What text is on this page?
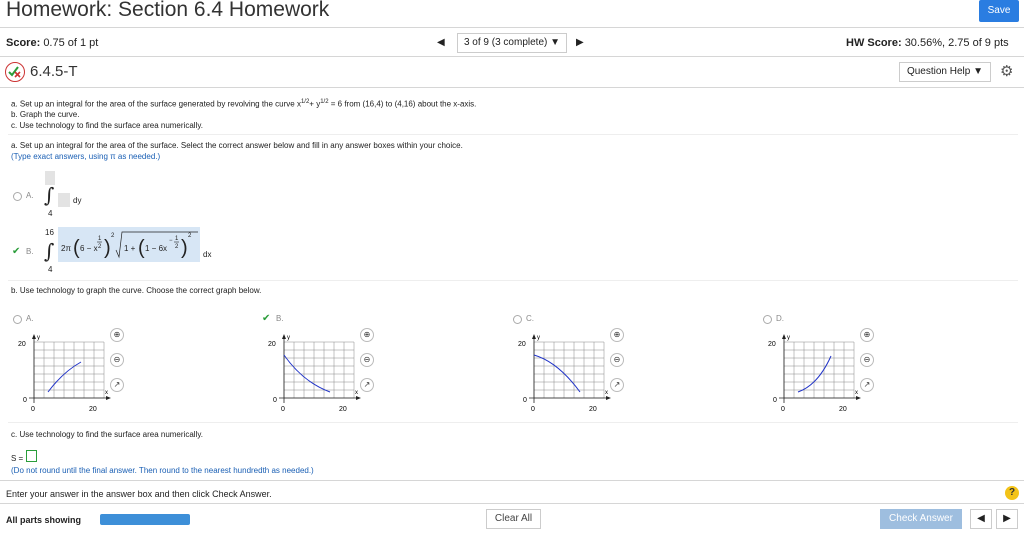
Homework: Section 6.4 Homework	Save
Score: 0.75 of 1 pt	◀	3 of 9 (3 complete) ▼	▶	HW Score: 30.56%, 2.75 of 9 pts
6.4.5-T	Question Help ▼	⚙
a. Set up an integral for the area of the surface generated by revolving the curve $x^{1/2}+ y^{1/2} = 6$ from (16,4) to (4,16) about the x-axis.
b. Graph the curve.
c. Use technology to find the surface area numerically.
a. Set up an integral for the area of the surface. Select the correct answer below and fill in any answer boxes within your choice.
(Type exact answers, using π as needed.)
A. ∫ dy
4
✔ B.
16
∫
4
2π ( 6 − x
1
2 )
2
1 + ( 1 − 6x
− 1
2 )
2
dx
b. Use technology to graph the curve. Choose the correct graph below.
A.
y
x
20
0
0	20
⊕
⊖
↗
✔ B.
y
x
20
0
0	20
⊕
⊖
↗
C.
y
x
20
0
0	20
⊕
⊖
↗
D.
y
x
20
0
0	20
⊕
⊖
↗
c. Use technology to find the surface area numerically.
S =
(Do not round until the final answer. Then round to the nearest hundredth as needed.)
Enter your answer in the answer box and then click Check Answer.	?
All parts showing	Clear All	Check Answer	◀	▶
